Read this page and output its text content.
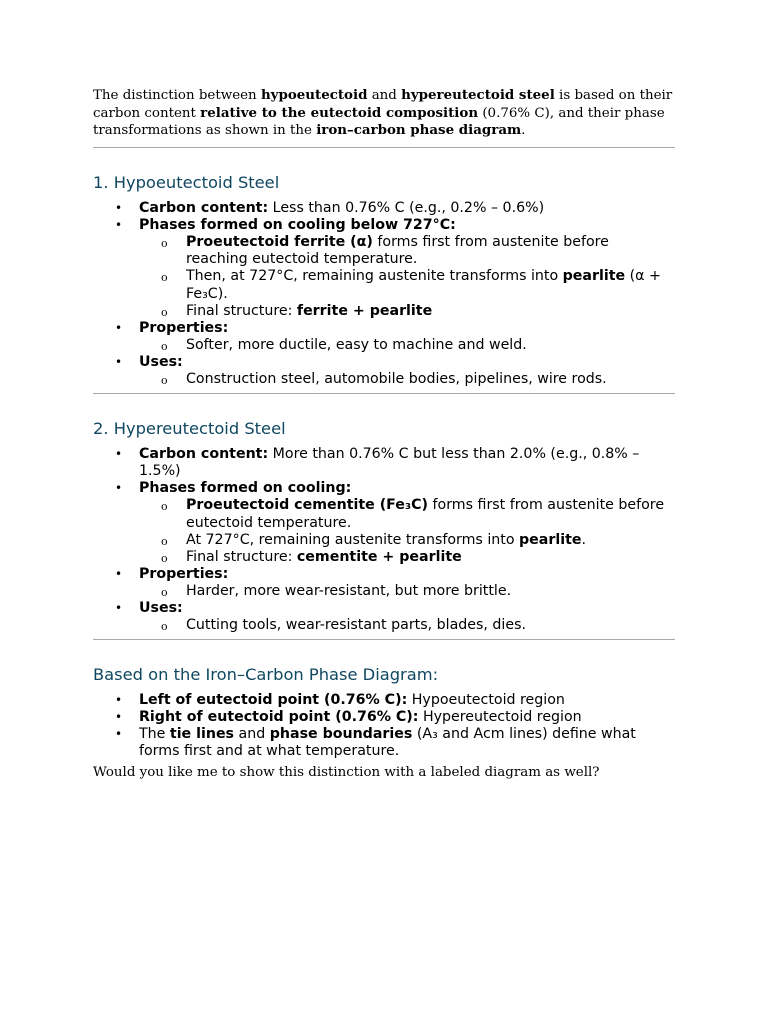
The distinction between hypoeutectoid and hypereutectoid steel is based on their carbon content relative to the eutectoid composition (0.76% C), and their phase transformations as shown in the iron–carbon phase diagram.

1. Hypoeutectoid Steel
• Carbon content: Less than 0.76% C (e.g., 0.2% – 0.6%)
• Phases formed on cooling below 727°C:
o Proeutectoid ferrite (α) forms first from austenite before reaching eutectoid temperature.
o Then, at 727°C, remaining austenite transforms into pearlite (α + Fe₃C).
o Final structure: ferrite + pearlite
• Properties:
o Softer, more ductile, easy to machine and weld.
• Uses:
o Construction steel, automobile bodies, pipelines, wire rods.
2. Hypereutectoid Steel
• Carbon content: More than 0.76% C but less than 2.0% (e.g., 0.8% – 1.5%)
• Phases formed on cooling:
o Proeutectoid cementite (Fe₃C) forms first from austenite before eutectoid temperature.
o At 727°C, remaining austenite transforms into pearlite.
o Final structure: cementite + pearlite
• Properties:
o Harder, more wear-resistant, but more brittle.
• Uses:
o Cutting tools, wear-resistant parts, blades, dies.
Based on the Iron–Carbon Phase Diagram:
• Left of eutectoid point (0.76% C): Hypoeutectoid region
• Right of eutectoid point (0.76% C): Hypereutectoid region
• The tie lines and phase boundaries (A₃ and Acm lines) define what forms first and at what temperature.

Would you like me to show this distinction with a labeled diagram as well?
